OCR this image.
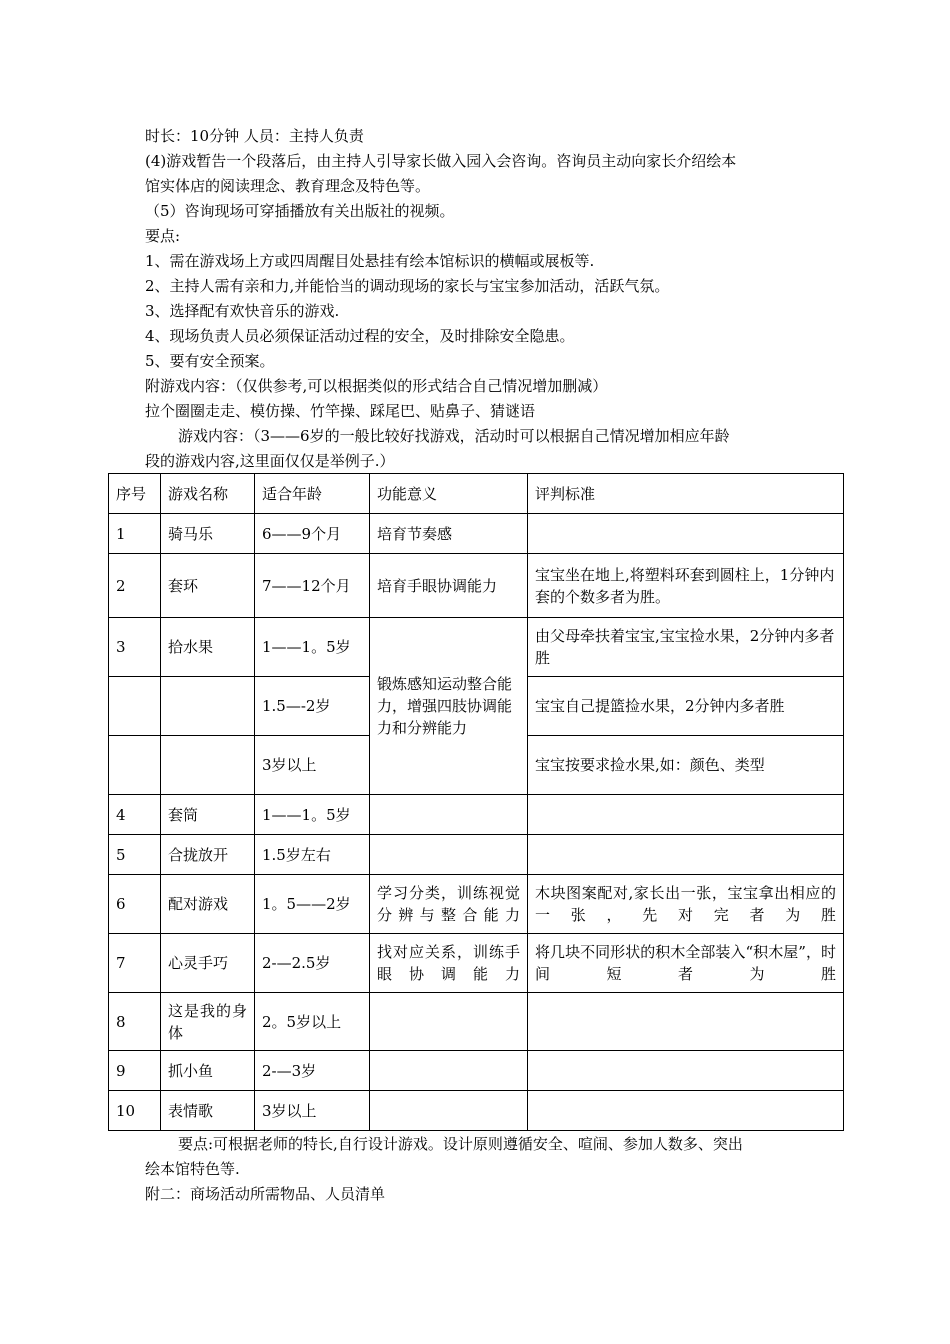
时长：10分钟 人员：主持人负责
(4)游戏暂告一个段落后，由主持人引导家长做入园入会咨询。咨询员主动向家长介绍绘本
馆实体店的阅读理念、教育理念及特色等。
（5）咨询现场可穿插播放有关出版社的视频。
要点:
1、需在游戏场上方或四周醒目处悬挂有绘本馆标识的横幅或展板等.
2、主持人需有亲和力,并能恰当的调动现场的家长与宝宝参加活动，活跃气氛。
3、选择配有欢快音乐的游戏.
4、现场负责人员必须保证活动过程的安全，及时排除安全隐患。
5、要有安全预案。
附游戏内容：（仅供参考,可以根据类似的形式结合自己情况增加删减）
拉个圈圈走走、模仿操、竹竿操、踩尾巴、贴鼻子、猜谜语
游戏内容：（3——6岁的一般比较好找游戏，活动时可以根据自己情况增加相应年龄
段的游戏内容,这里面仅仅是举例子.）
序号	游戏名称	适合年龄	功能意义	评判标准
1	骑马乐	6——9个月	培育节奏感	
2	套环	7——12个月	培育手眼协调能力	宝宝坐在地上,将塑料环套到圆柱上，1分钟内套的个数多者为胜。
3	拾水果	1——1。5岁	锻炼感知运动整合能力，增强四肢协调能力和分辨能力	由父母牵扶着宝宝,宝宝捡水果，2分钟内多者胜
		1.5—-2岁		宝宝自己提篮捡水果，2分钟内多者胜
		3岁以上		宝宝按要求捡水果,如：颜色、类型
4	套筒	1——1。5岁		
5	合拢放开	1.5岁左右		
6	配对游戏	1。5——2岁	学习分类，训练视觉分辨与整合能力	木块图案配对,家长出一张，宝宝拿出相应的一张，先对完者为胜
7	心灵手巧	2-—2.5岁	找对应关系，训练手眼协调能力	将几块不同形状的积木全部装入“积木屋”，时间短者为胜
8	这是我的身体	2。5岁以上		
9	抓小鱼	2-—3岁		
10	表情歌	3岁以上		
要点:可根据老师的特长,自行设计游戏。设计原则遵循安全、喧闹、参加人数多、突出
绘本馆特色等.
附二：商场活动所需物品、人员清单
